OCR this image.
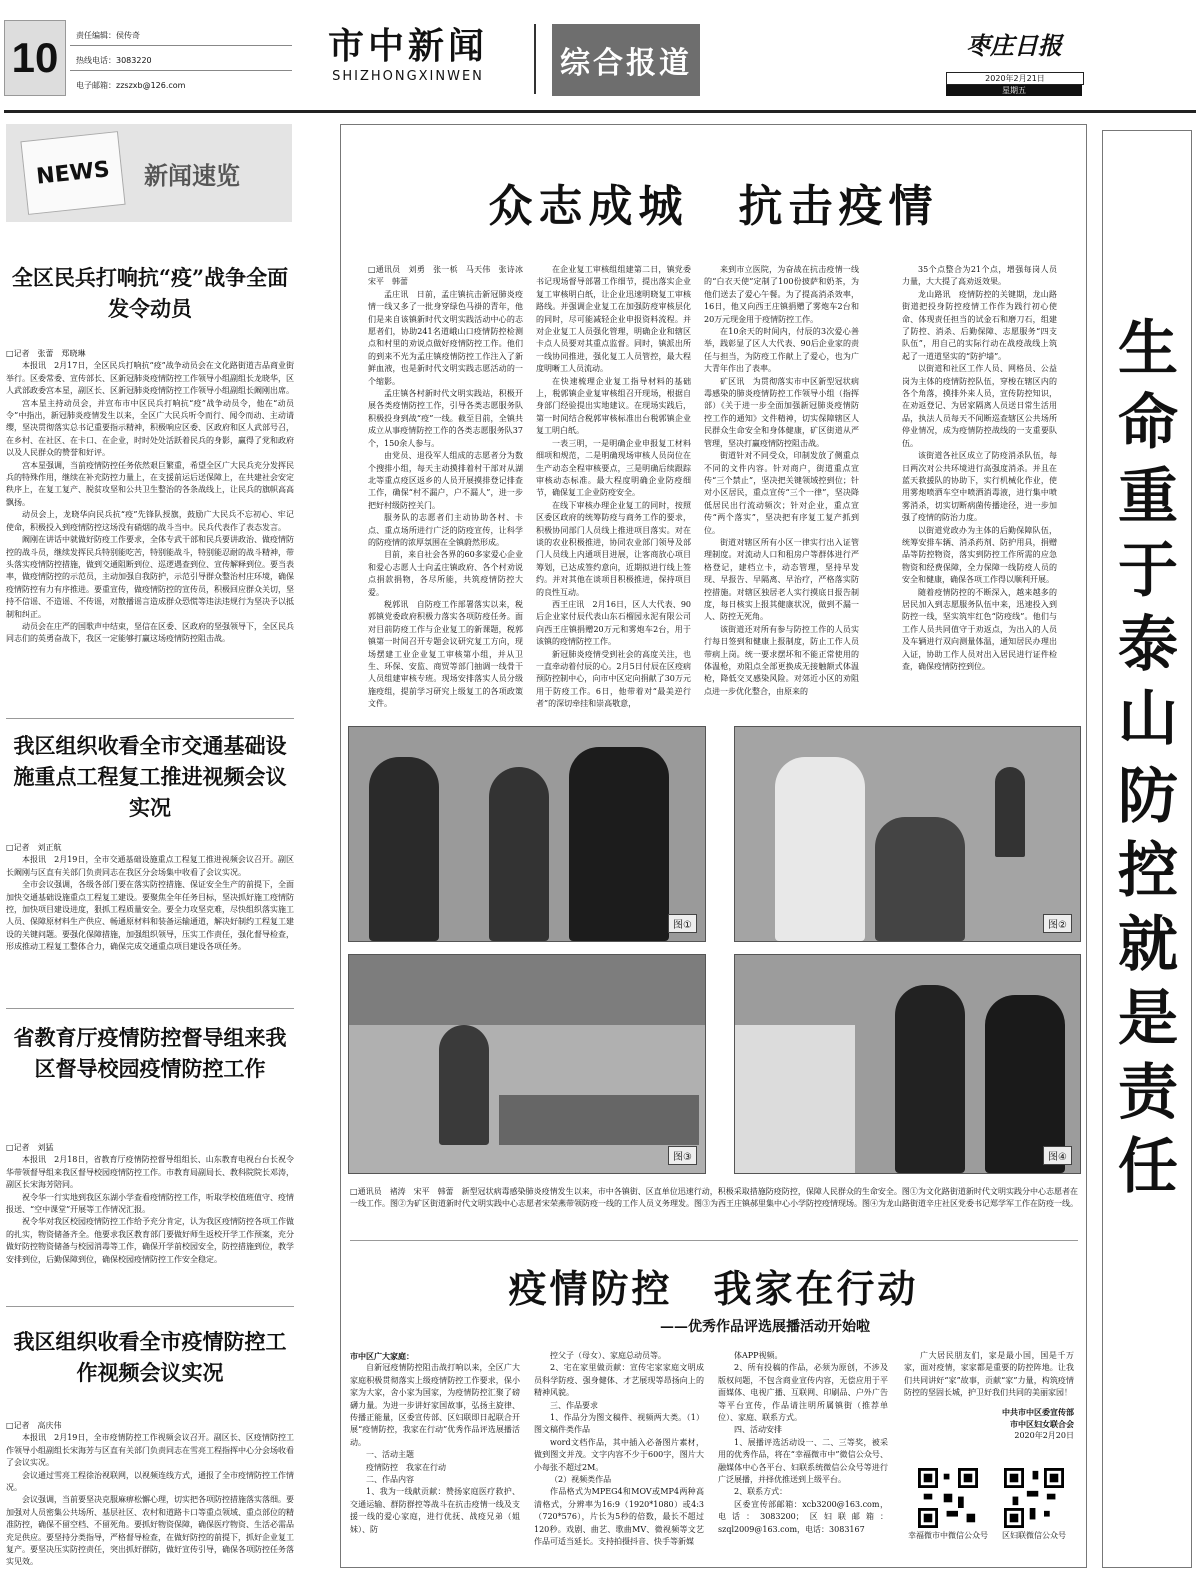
10	责任编辑：侯传奇
热线电话：3083220
电子邮箱：zzszxb@126.com
市中新闻
SHIZHONGXINWEN	综合报道
枣庄日报
2020年2月21日
星期五
NEWS	新闻速览
全区民兵打响抗“疫”战争全面发令动员

□记者　张蕾　郑晓琳

本报讯　2月17日，全区民兵打响抗“疫”战争动员会在文化路街道吉品商业街举行。区委常委、宣传部长、区新冠肺炎疫情防控工作领导小组副组长龙晓华，区人武部政委宫本星，副区长、区新冠肺炎疫情防控工作领导小组副组长阚刚出席。

宫本星主持动员会，并宣布市中区民兵打响抗“疫”战争动员令，他在“动员令”中指出，新冠肺炎疫情发生以来，全区广大民兵听令而行、闻令而动、主动请缨，坚决贯彻落实总书记重要指示精神，积极响应区委、区政府和区人武部号召，在乡村、在社区、在卡口、在企业，时时处处活跃着民兵的身影，赢得了党和政府以及人民群众的赞誉和好评。

宫本星强调，当前疫情防控任务依然艰巨繁重，希望全区广大民兵充分发挥民兵的特殊作用，继续在补充防控力量上，在支援前运后送保障上，在共建社会安定秩序上，在复工复产、脱贫攻坚和公共卫生整治的各条战线上，让民兵的旗帜高高飘扬。

动员会上，龙晓华向民兵抗“疫”先锋队授旗，鼓励广大民兵不忘初心、牢记使命，积极投入到疫情防控这场没有硝烟的战斗当中。民兵代表作了表态发言。

阚刚在讲话中就做好防疫工作要求，全体专武干部和民兵要讲政治、做疫情防控的战斗员，继续发挥民兵特别能吃苦，特别能战斗，特别能忍耐的战斗精神，带头落实疫情防控措施，做到交通阻断到位、巡逻遇查到位、宣传解释到位。要当表率，做疫情防控的示范员，主动加强自我防护，示范引导群众整治村庄环境，确保疫情防控有力有序推进。要重宣传，做疫情防控的宣传员，积极回应群众关切，坚持不信谣、不造谣、不传谣，对散播谣言造成群众恐慌等违法违规行为坚决予以抵制和纠正。

动员会在庄严的国歌声中结束，坚信在区委、区政府的坚强领导下，全区民兵同志们的英勇奋战下，我区一定能够打赢这场疫情防控阻击战。

我区组织收看全市交通基础设施重点工程复工推进视频会议实况

□记者　刘正航

本报讯　2月19日，全市交通基础设施重点工程复工推进视频会议召开。副区长阚刚与区直有关部门负责同志在我区分会场集中收看了会议实况。

全市会议强调，各级各部门要在落实防控措施、保证安全生产的前提下，全面加快交通基础设施重点工程复工建设。要聚焦全年任务目标，坚决抓好施工疫情防控，加快项目建设进度，狠抓工程质量安全。要全力攻坚克难，尽快组织落实施工人员、保障原材料生产供应、畅通原材料和装备运输通道，解决好制约工程复工建设的关键问题。要强化保障措施，加强组织领导，压实工作责任，强化督导检查，形成推动工程复工整体合力，确保完成交通重点项目建设各项任务。

省教育厅疫情防控督导组来我区督导校园疫情防控工作

□记者　刘猛

本报讯　2月18日，省教育厅疫情防控督导组组长、山东教育电视台台长祝令华带领督导组来我区督导校园疫情防控工作。市教育局副局长、教科院院长邓涛，副区长宋海芳陪同。

祝令华一行实地到我区东湖小学查看疫情防控工作，听取学校值班值守、疫情报送、“空中课堂”开展等工作情况汇报。

祝令华对我区校园疫情防控工作给予充分肯定，认为我区疫情防控各项工作做的扎实，物资储备齐全。他要求我区教育部门要做好师生返校开学工作预案，充分做好防控物资储备与校园消毒等工作，确保开学前校园安全，防控措施到位，教学安排到位，后勤保障到位，确保校园疫情防控工作安全稳定。

我区组织收看全市疫情防控工作视频会议实况

□记者　高庆伟

本报讯　2月19日，全市疫情防控工作视频会议召开。副区长、区疫情防控工作领导小组副组长宋海芳与区直有关部门负责同志在雪亮工程指挥中心分会场收看了会议实况。

会议通过雪亮工程徐治视联网，以视频连线方式，通报了全市疫情防控工作情况。

会议强调，当前要坚决克服麻痹松懈心理，切实把各项防控措施落实落细。要加强对人员密集公共场所、基层社区、农村和道路卡口等重点领域、重点部位的精准防控，确保不留空档、不留死角。要抓好物资保障，确保医疗物资、生活必需品充足供应。要坚持分类指导，严格督导检查，在做好防控的前提下，抓好企业复工复产。要坚决压实防控责任，突出抓好群防，做好宣传引导，确保各项防控任务落实见效。

众志成城　抗击疫情

□通讯员　刘勇　张一梹　马天伟　张诗冰　宋平　韩蕾

孟庄讯　日前，孟庄镇抗击新冠肺炎疫情一线又多了一批身穿绿色马褂的青年，他们是来自该镇新时代文明实践活动中心的志愿者们，协助241名道峨山口疫情防控检测点和村里的劝说点做好疫情防控工作。他们的到来不光为孟庄镇疫情防控工作注入了新鲜血液，也是新时代文明实践志愿活动的一个缩影。

孟庄镇各村新时代文明实践站，积极开展各类疫情防控工作，引导各类志愿服务队积极投身到战“疫”一线。截至目前，全镇共成立从事疫情防控工作的各类志愿服务队37个，150余人参与。

由党员、退役军人组成的志愿者分为数个搜排小组，每天主动摸排着村干部对从湖北等重点疫区返乡的人员开展摸排登记排查工作，确保“村不漏户，户不漏人”，进一步把好村级防控关门。

服务队的志愿者们主动协助各村、卡点、重点场所进行广泛的防疫宣传，让科学的防疫情的浓厚氛围在全镇蔚然形成。

目前，来自社会各界的60多家爱心企业和爱心志愿人士向孟庄镇政府、各个村劝说点捐款捐物，各尽所能，共筑疫情防控大爱。

税郭讯　自防疫工作部署落实以来，税郭镇党委政府积极力落实各项防疫任务。面对目前防疫工作与企业复工的新课题，税郭镇第一时间召开专题会议研究复工方向，现场摆建工业企业复工审核第小组，并从卫生、环保、安监、商贸等部门抽调一线骨干人员组建审核专班。现场安排落实人员分级施疫组，提前学习研究上级复工的各项政策文件。

在企业复工审核组组建第二日，镇党委书记现场督导部署工作细节，提出落实企业复工审核明白纸，让企业迅速明晓复工审核路线。并强调企业复工在加强防疫审核层化的同时，尽可能减轻企业申报资料流程。并对企业复工人员强化管理，明确企业和辖区卡点人员要对其重点监督。同时，镇派出所一线协同推进，强化复工人员管控，最大程度明晰工人员流动。

在快速梳理企业复工指导材料的基础上，税郭镇企业复审核组召开现场，根据自身部门经验提出实地建议。在现场实践后，第一时间结合税郭审核标准出台税郭镇企业复工明白纸。

一表三明，一是明确企业申报复工材料细项和规范，二是明确现场审核人员岗位在生产动态全程审核要点，三是明确后续跟踪审核动态标准。最大程度明确企业防疫细节，确保复工企业防疫安全。

在线下审核办理企业复工的同时，按照区委区政府的统筹防疫与商务工作的要求，积极协同部门人员线上推进项目落实。对在谈的农业积极推进，协同农业部门领导及部门人员线上内通项目进展，让客商放心项目筹划，已达成签约意向，近期拟进行线上签约。并对其他在谈项目积极推进，保持项目的良性互动。

西王庄讯　2月16日，区人大代表、90后企业家付辰代表山东石榴园永泥有限公司向西王庄镇捐赠20万元和雾炮车2台，用于该镇的疫情防控工作。

新冠肺炎疫情受到社会的高度关注，也一直牵动着付辰的心。2月5日付辰在区疫病预防控制中心，向市中区定向捐献了30万元用于防疫工作。6日，他带着对“最美逆行者”的深切牵挂和崇高敬意，

来到市立医院，为奋战在抗击疫情一线的“白衣天使”定制了100份披萨和奶茶，为他们送去了爱心午餐。为了提高消杀效率，16日，他又向西王庄镇捐赠了雾炮车2台和20万元现金用于疫情防控工作。

在10余天的时间内，付辰的3次爱心善举，践彰显了区人大代表、90后企业家的责任与担当，为防疫工作献上了爱心，也为广大青年作出了表率。

矿区讯　为贯彻落实市中区新型冠状病毒感染的肺炎疫情防控工作领导小组（指挥部）《关于进一步全面加强新冠肺炎疫情防控工作的通知》文件精神，切实保障辖区人民群众生命安全和身体健康，矿区街道从严管理，坚决打赢疫情防控阻击战。

街道针对不同受众，印制发放了侧重点不同的文件内容。针对商户，街道重点宣传“三个禁止”，坚决把关键领域控到位；针对小区居民，重点宣传“三个一律”，坚决降低居民出行流动频次；针对企业，重点宣传“两个落实”，坚决把有序复工复产抓到位。

街道对辖区所有小区一律实行出入证管理制度。对流动人口和租房户等群体进行严格登记，建档立卡，动态管理，坚持早发现、早报告、早隔离、早治疗，严格落实防控措施。对辖区独居老人实行摸底日报告制度，每日核实上报其健康状况，做到不漏一人、防控无死角。

该街道还对所有参与防控工作的人员实行每日签到和健康上报制度，防止工作人员带病上岗。统一要求摆坏和不能正常使用的体温枪，劝阻点全部更换成无接触额式体温枪，降低交叉感染风险。对郊近小区的劝阻点进一步优化整合，由原来的

35个点整合为21个点，增强每岗人员力量，大大提了高劝返效果。

龙山路讯　疫情防控的关键期，龙山路街道把投身防控疫情工作作为践行初心使命、体现责任担当的试金石和磨刀石，组建了防控、消杀、后勤保障、志愿服务“四支队伍”，用自己的实际行动在战疫战线上筑起了一道道坚实的“防护墙”。

以街道和社区工作人员、网格员、公益岗为主体的疫情防控队伍，穿梭在辖区内的各个角落，摸排外来人员，宣传防控知识，在劝返登记、为居家隔离人员送日常生活用品，执法人员每天不间断巡查辖区公共场所停业情况，成为疫情防控战线的一支重要队伍。

该街道各社区成立了防疫消杀队伍，每日两次对公共环境进行高强度消杀。并且在蓝天救援队的协助下，实行机械化作业，使用雾炮喷洒车空中喷洒消毒液，进行集中喷雾消杀，切实切断病菌传播途径，进一步加强了疫情的防治力度。

以街道党政办为主体的后勤保障队伍，统筹安排车辆、消杀药剂、防护用具，捐赠品等防控物资，落实到防控工作所需的应急物资和经费保障，全力保障一线防疫人员的安全和健康，确保各项工作得以顺利开展。

随着疫情防控的不断深入，越来越多的居民加入到志愿服务队伍中来，迅速投入到防控一线，坚实筑牢红色“防疫线”。他们与工作人员共同值守于劝返点，为出入的人员及车辆进行双向测量体温，通知居民办理出入证，协助工作人员对出入居民进行证件检查，确保疫情防控到位。

图①	图②
图③	图④
□通讯员　褚涛　宋平　韩蕾　新型冠状病毒感染肺炎疫情发生以来，市中各镇街、区直单位迅速行动，积极采取措施防疫防控，保障人民群众的生命安全。图①为文化路街道新时代文明实践分中心志愿者在一线工作。图②为矿区街道新时代文明实践中心志愿者宋荣燕带领防疫一线的工作人员义务理发。图③为西王庄镇郝里集中心小学防控疫情现场。图④为龙山路街道辛庄社区党委书记郑学军工作在防疫一线。
疫情防控　我家在行动
——优秀作品评选展播活动开始啦

市中区广大家庭：

自新冠疫情防控阻击战打响以来，全区广大家庭积极贯彻落实上级疫情防控工作要求，保小家为大家，舍小家为国家，为疫情防控汇聚了磅礴力量。为进一步讲好家国故事，弘扬主旋律、传播正能量，区委宣传部、区妇联即日起联合开展“疫情防控，我家在行动”优秀作品评选展播活动。

一、活动主题

疫情防控　我家在行动

二、作品内容

1、我为一线献贡献：赞扬家庭医疗救护、交通运输、群防群控等战斗在抗击疫情一线及支援一线的爱心家庭，进行优抚、战疫兄弟（姐妹）、防

控父子（母女）、家庭总动员等。

2、宅在家里做贡献：宣传宅家家庭文明成员科学防疫、强身健体、才艺展现等昂扬向上的精神风貌。

三、作品要求

1、作品分为图文稿件、视频两大类。（1）图文稿件类作品

word文档作品，其中插入必备图片素材，做到图文并茂。文字内容不少于600字，图片大小每张不超过2M。

（2）视频类作品

作品格式为MPEG4和MOV或MP4两种高清格式，分辨率为16:9（1920*1080）或4:3（720*576），片长为5秒的倍数，最长不超过120秒。戏剧、曲艺、歌曲MV、微视频等文艺作品可适当延长。支持拍摄抖音、快手等新媒

体APP视频。

2、所有投稿的作品，必须为原创，不涉及版权问题，不包含商业宣传内容，无偿应用于平面媒体、电视广播、互联网、印刷品、户外广告等平台宣传，作品请注明所属镇街（推荐单位）、家庭、联系方式。

四、活动安排

1、展播评选活动设一、二、三等奖，被采用的优秀作品，将在“幸福微市中”微信公众号、融媒体中心各平台、妇联系统微信公众号等进行广泛展播，并择优推送到上级平台。

2、联系方式：

区委宣传部邮箱：xcb3200@163.com，电话：3083200；区妇联邮箱：szql2009@163.com，电话：3083167

广大居民朋友们，家是最小国，国是千万家，面对疫情，家家都是重要的防控阵地。让我们共同讲好“家”故事，贡献“家”力量，构筑疫情防控的坚固长城，护卫好我们共同的美丽家园！

中共市中区委宣传部

市中区妇女联合会

2020年2月20日

幸福微市中微信公众号	区妇联微信公众号
生命重于泰山
防控就是责任
